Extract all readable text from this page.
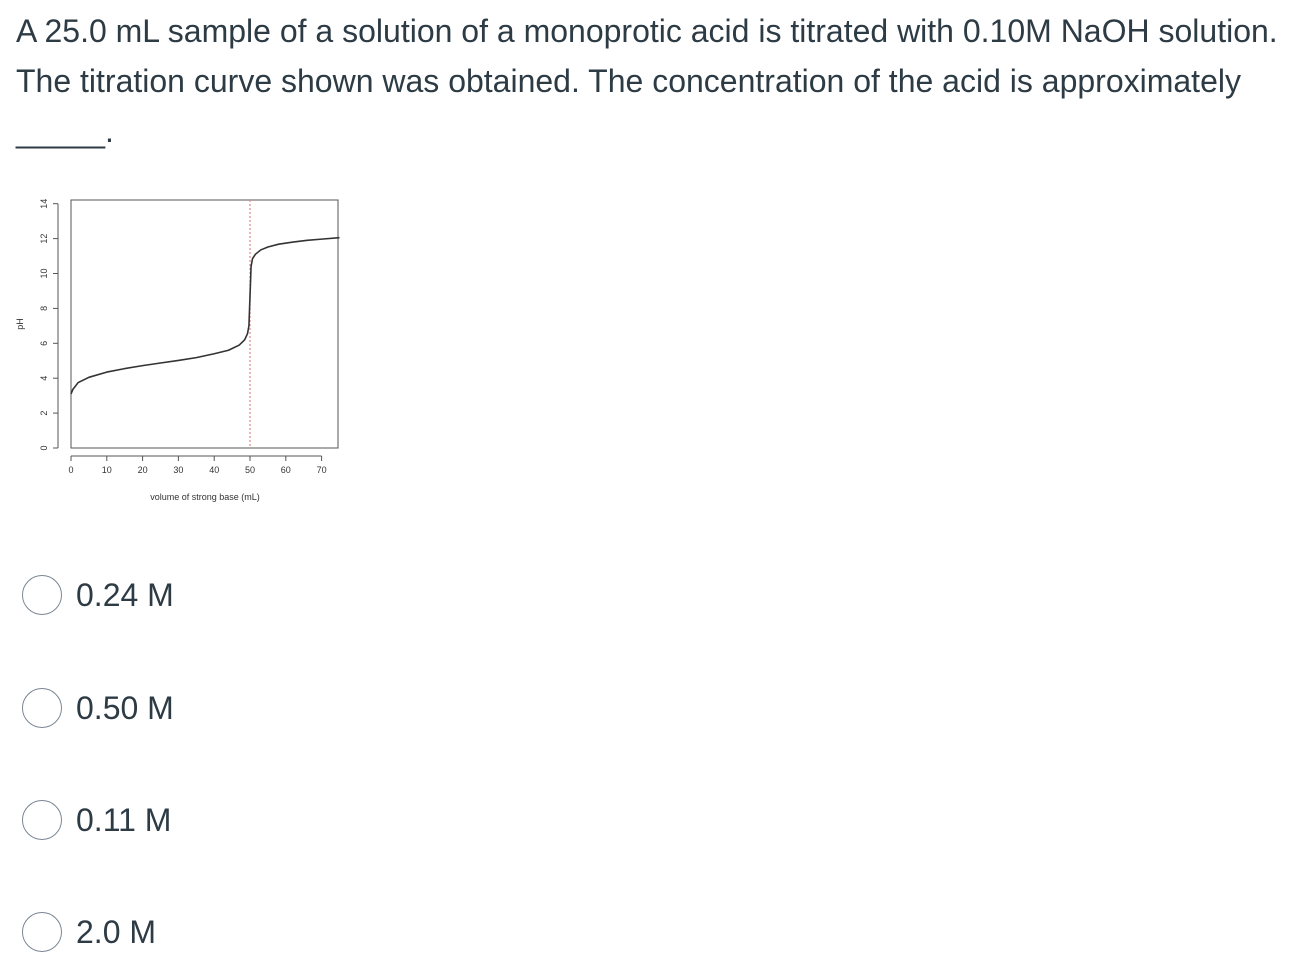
A 25.0 mL sample of a solution of a monoprotic acid is titrated with 0.10M NaOH solution. The titration curve shown was obtained. The concentration of the acid is approximately _____.

0	10	20	30	40	50	60	70
0
2
4
6
8
10
12
14
volume of strong base (mL)
pH
0.24 M
0.50 M
0.11 M
2.0 M
